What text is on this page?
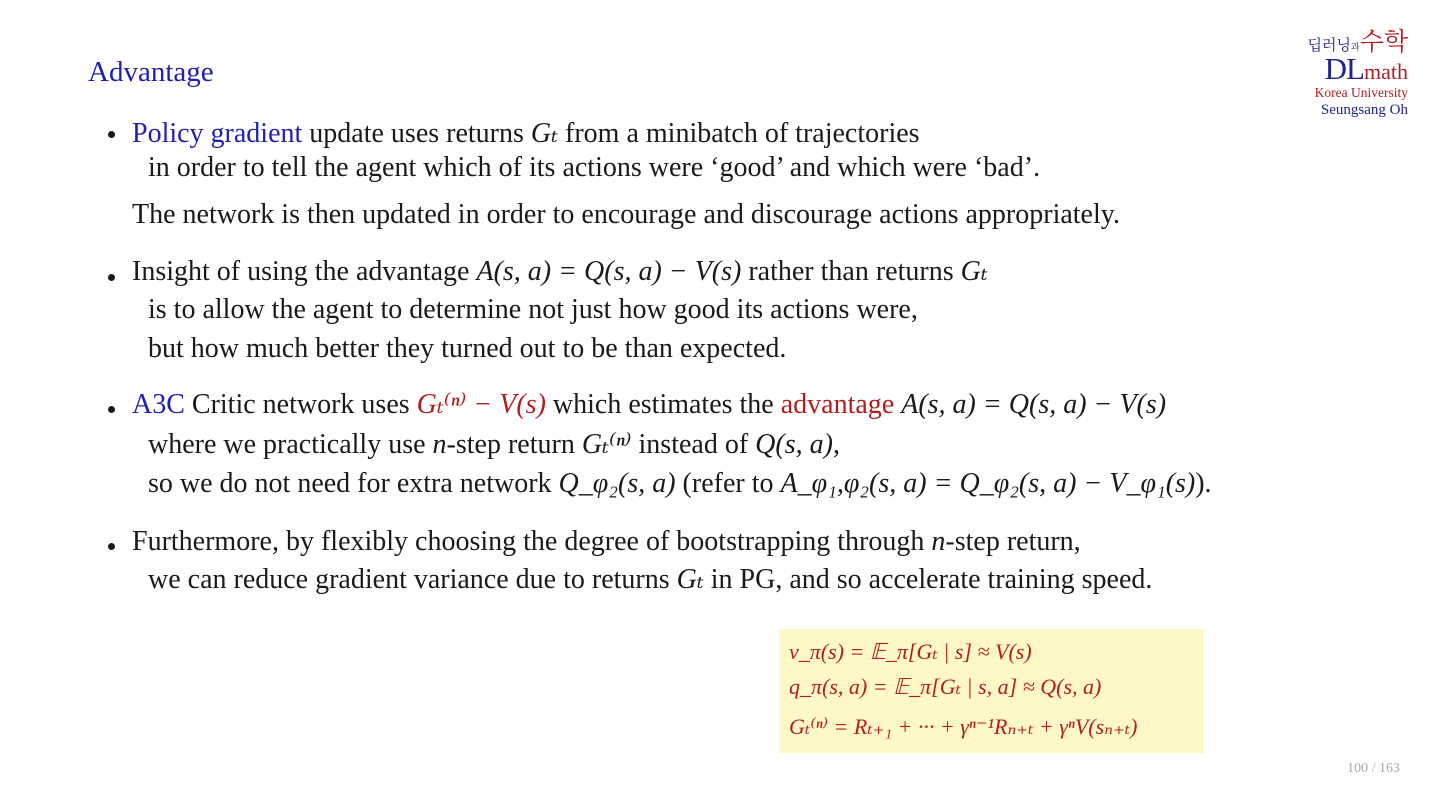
Advantage
딥러닝과수학
DLmath
Korea University
Seungsang Oh
Policy gradient update uses returns Gₜ from a minibatch of trajectories
in order to tell the agent which of its actions were ‘good’ and which were ‘bad’.
The network is then updated in order to encourage and discourage actions appropriately.
Insight of using the advantage A(s, a) = Q(s, a) − V(s) rather than returns Gₜ
is to allow the agent to determine not just how good its actions were,
but how much better they turned out to be than expected.
A3C Critic network uses Gₜ⁽ⁿ⁾ − V(s) which estimates the advantage A(s, a) = Q(s, a) − V(s)
where we practically use n-step return Gₜ⁽ⁿ⁾ instead of Q(s, a),
so we do not need for extra network Q_φ₂(s, a) (refer to A_φ₁,φ₂(s, a) = Q_φ₂(s, a) − V_φ₁(s)).
Furthermore, by flexibly choosing the degree of bootstrapping through n-step return,
we can reduce gradient variance due to returns Gₜ in PG, and so accelerate training speed.
v_π(s) = 𝔼_π[Gₜ | s] ≈ V(s)
q_π(s, a) = 𝔼_π[Gₜ | s, a] ≈ Q(s, a)
Gₜ⁽ⁿ⁾ = Rₜ₊₁ + ··· + γⁿ⁻¹Rₙ₊ₜ + γⁿV(sₙ₊ₜ)
100 / 163
